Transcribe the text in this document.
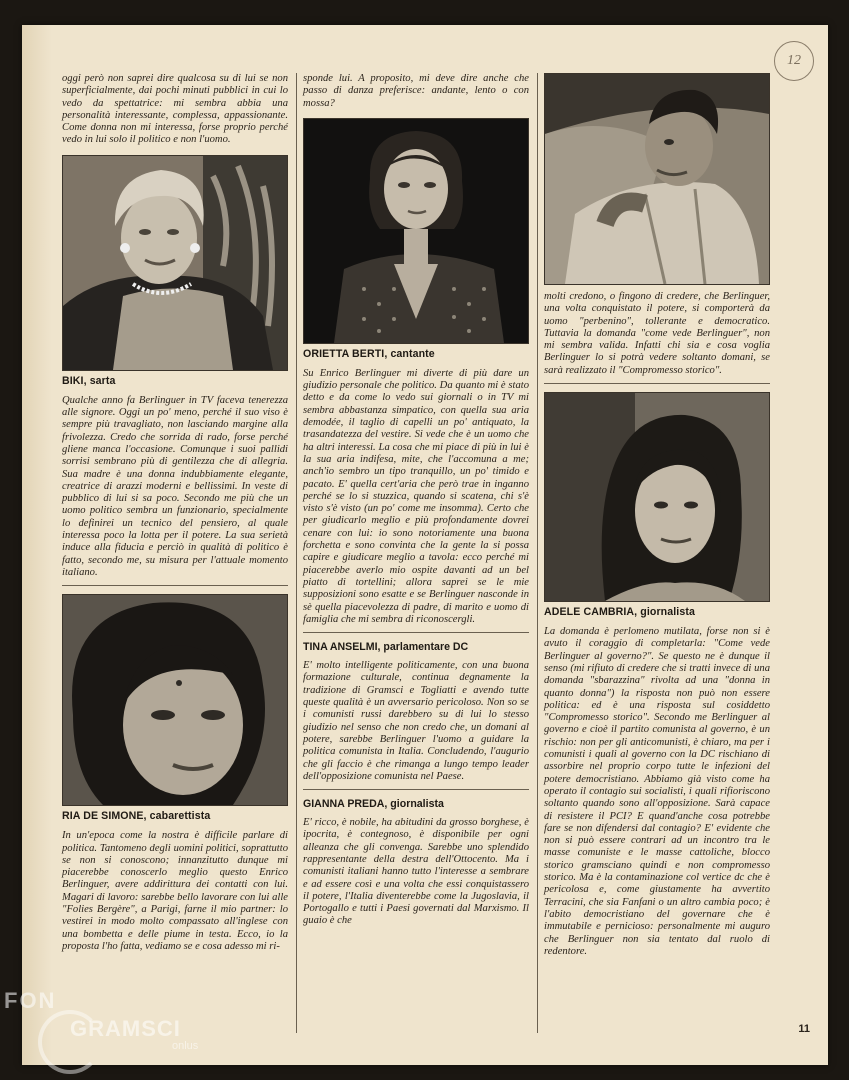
12

oggi però non saprei dire qualcosa su di lui se non superficialmente, dai pochi minuti pubblici in cui lo vedo da spettatrice: mi sembra abbia una personalità interessante, complessa, appassionante. Come donna non mi interessa, forse proprio perché vedo in lui solo il politico e non l'uomo.

BIKI, sarta

Qualche anno fa Berlinguer in TV faceva tenerezza alle signore. Oggi un po' meno, perché il suo viso è sempre più travagliato, non lasciando margine alla frivolezza. Credo che sorrida di rado, forse perché gliene manca l'occasione. Comunque i suoi pallidi sorrisi sembrano più di gentilezza che di allegria. Sua madre è una donna indubbiamente elegante, creatrice di arazzi moderni e bellissimi. In veste di pubblico di lui si sa poco. Secondo me più che un uomo politico sembra un funzionario, specialmente lo definirei un tecnico del pensiero, al quale interessa poco la lotta per il potere. La sua serietà induce alla fiducia e perciò in qualità di politico è fatto, secondo me, su misura per l'attuale momento italiano.

RIA DE SIMONE, cabarettista

In un'epoca come la nostra è difficile parlare di politica. Tantomeno degli uomini politici, soprattutto se non si conoscono; innanzitutto dunque mi piacerebbe conoscerlo meglio questo Enrico Berlinguer, avere addirittura dei contatti con lui. Magari di lavoro: sarebbe bello lavorare con lui alle "Folies Bergère", a Parigi, farne il mio partner: lo vestirei in modo molto compassato all'inglese con una bombetta e delle piume in testa. Ecco, io la proposta l'ho fatta, vediamo se e cosa adesso mi ri-

sponde lui. A proposito, mi deve dire anche che passo di danza preferisce: andante, lento o con mossa?

ORIETTA BERTI, cantante

Su Enrico Berlinguer mi diverte di più dare un giudizio personale che politico. Da quanto mi è stato detto e da come lo vedo sui giornali o in TV mi sembra abbastanza simpatico, con quella sua aria demodée, il taglio di capelli un po' antiquato, la trasandatezza del vestire. Si vede che è un uomo che ha altri interessi. La cosa che mi piace di più in lui è la sua aria indifesa, mite, che l'accomuna a me; anch'io sembro un tipo tranquillo, un po' timido e pacato. E' quella cert'aria che però trae in inganno perché se lo si stuzzica, quando si scatena, chi s'è visto s'è visto (un po' come me insomma). Certo che per giudicarlo meglio e più profondamente dovrei cenare con lui: io sono notoriamente una buona forchetta e sono convinta che la gente la si possa capire e giudicare meglio a tavola: ecco perché mi piacerebbe averlo mio ospite davanti ad un bel piatto di tortellini; allora saprei se le mie supposizioni sono esatte e se Berlinguer nasconde in sè quella piacevolezza di padre, di marito e uomo di famiglia che mi sembra di riconoscergli.

TINA ANSELMI, parlamentare DC

E' molto intelligente politicamente, con una buona formazione culturale, continua degnamente la tradizione di Gramsci e Togliatti e avendo tutte queste qualità è un avversario pericoloso. Non so se i comunisti russi darebbero su di lui lo stesso giudizio nel senso che non credo che, un domani al potere, sarebbe Berlinguer l'uomo a guidare la politica comunista in Italia. Concludendo, l'augurio che gli faccio è che rimanga a lungo tempo leader dell'opposizione comunista nel Paese.

GIANNA PREDA, giornalista

E' ricco, è nobile, ha abitudini da grosso borghese, è ipocrita, è contegnoso, è disponibile per ogni alleanza che gli convenga. Sarebbe uno splendido rappresentante della destra dell'Ottocento. Ma i comunisti italiani hanno tutto l'interesse a sembrare e ad essere così e una volta che essi conquistassero il potere, l'Italia diventerebbe come la Jugoslavia, il Portogallo e tutti i Paesi governati dal Marxismo. Il guaio è che

molti credono, o fingono di credere, che Berlinguer, una volta conquistato il potere, si comporterà da uomo "perbenino", tollerante e democratico. Tuttavia la domanda "come vede Berlinguer", non mi sembra valida. Infatti chi sia e cosa voglia Berlinguer lo si potrà vedere soltanto domani, se sarà realizzato il "Compromesso storico".

ADELE CAMBRIA, giornalista

La domanda è perlomeno mutilata, forse non si è avuto il coraggio di completarla: "Come vede Berlinguer al governo?". Se questo ne è dunque il senso (mi rifiuto di credere che si tratti invece di una domanda "sbarazzina" rivolta ad una "donna in quanto donna") la risposta non può non essere politica: ed è una risposta sul cosiddetto "Compromesso storico". Secondo me Berlinguer al governo e cioè il partito comunista al governo, è un rischio: non per gli anticomunisti, è chiaro, ma per i comunisti i quali al governo con la DC rischiano di assorbire nel proprio corpo tutte le infezioni del potere democristiano. Abbiamo già visto come ha operato il contagio sui socialisti, i quali rifioriscono soltanto quando sono all'opposizione. Sarà capace di resistere il PCI? E quand'anche cosa potrebbe fare se non difendersi dal contagio? E' evidente che non si può essere contrari ad un incontro tra le masse comuniste e le masse cattoliche, blocco storico gramsciano quindi e non compromesso storico. Ma è la contaminazione col vertice dc che è pericolosa e, come giustamente ha avvertito Terracini, che sia Fanfani o un altro cambia poco; è l'abito democristiano del governare che è immutabile e pernicioso: personalmente mi auguro che Berlinguer non sia tentato dal ruolo di redentore.

11
FON
GRAMSCI
onlus
